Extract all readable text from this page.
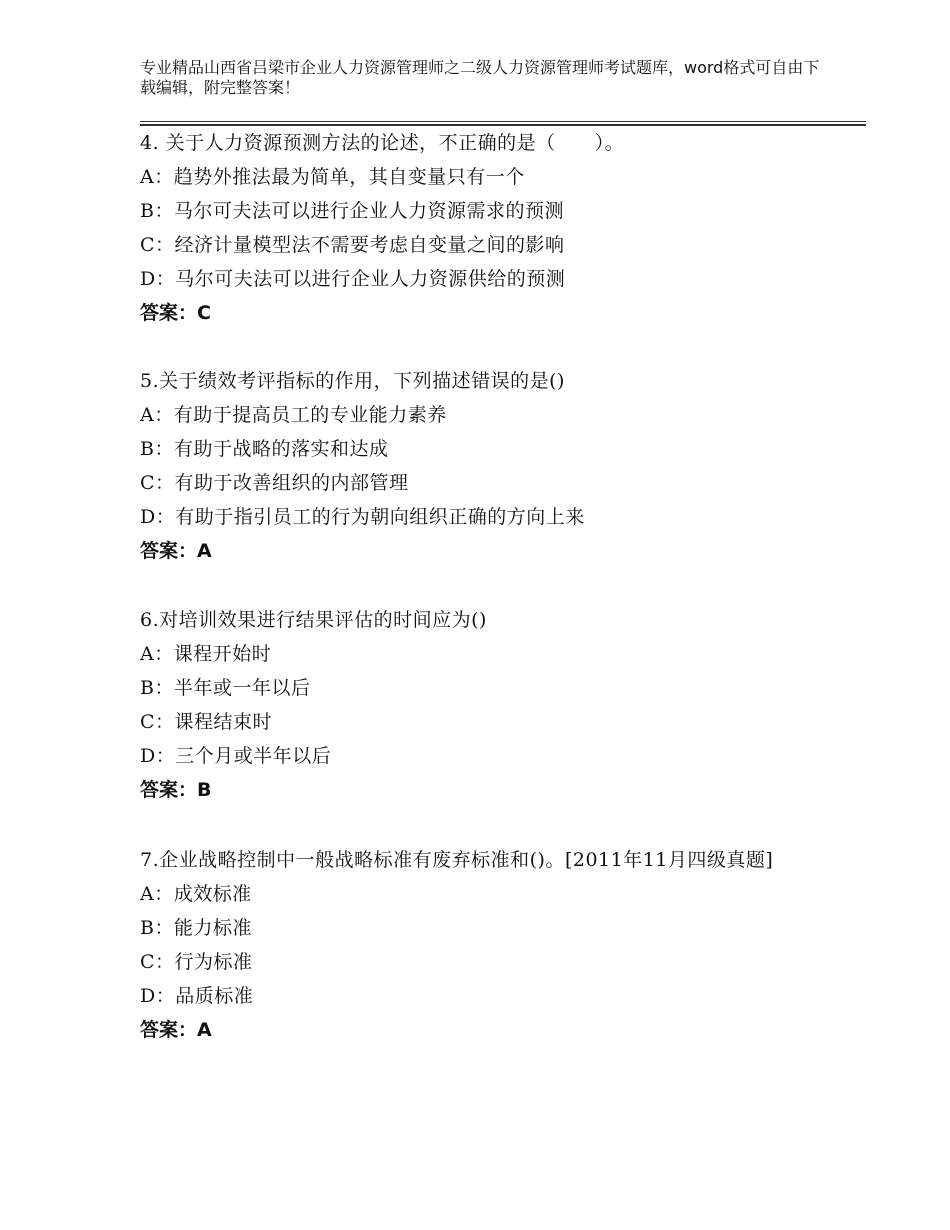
专业精品山西省吕梁市企业人力资源管理师之二级人力资源管理师考试题库，word格式可自由下载编辑，附完整答案！
4. 关于人力资源预测方法的论述，不正确的是（　　）。
A：趋势外推法最为简单，其自变量只有一个
B：马尔可夫法可以进行企业人力资源需求的预测
C：经济计量模型法不需要考虑自变量之间的影响
D：马尔可夫法可以进行企业人力资源供给的预测
答案：C
5.关于绩效考评指标的作用，下列描述错误的是()
A：有助于提高员工的专业能力素养
B：有助于战略的落实和达成
C：有助于改善组织的内部管理
D：有助于指引员工的行为朝向组织正确的方向上来
答案：A
6.对培训效果进行结果评估的时间应为()
A：课程开始时
B：半年或一年以后
C：课程结束时
D：三个月或半年以后
答案：B
7.企业战略控制中一般战略标准有废弃标准和()。[2011年11月四级真题]
A：成效标准
B：能力标准
C：行为标准
D：品质标准
答案：A
